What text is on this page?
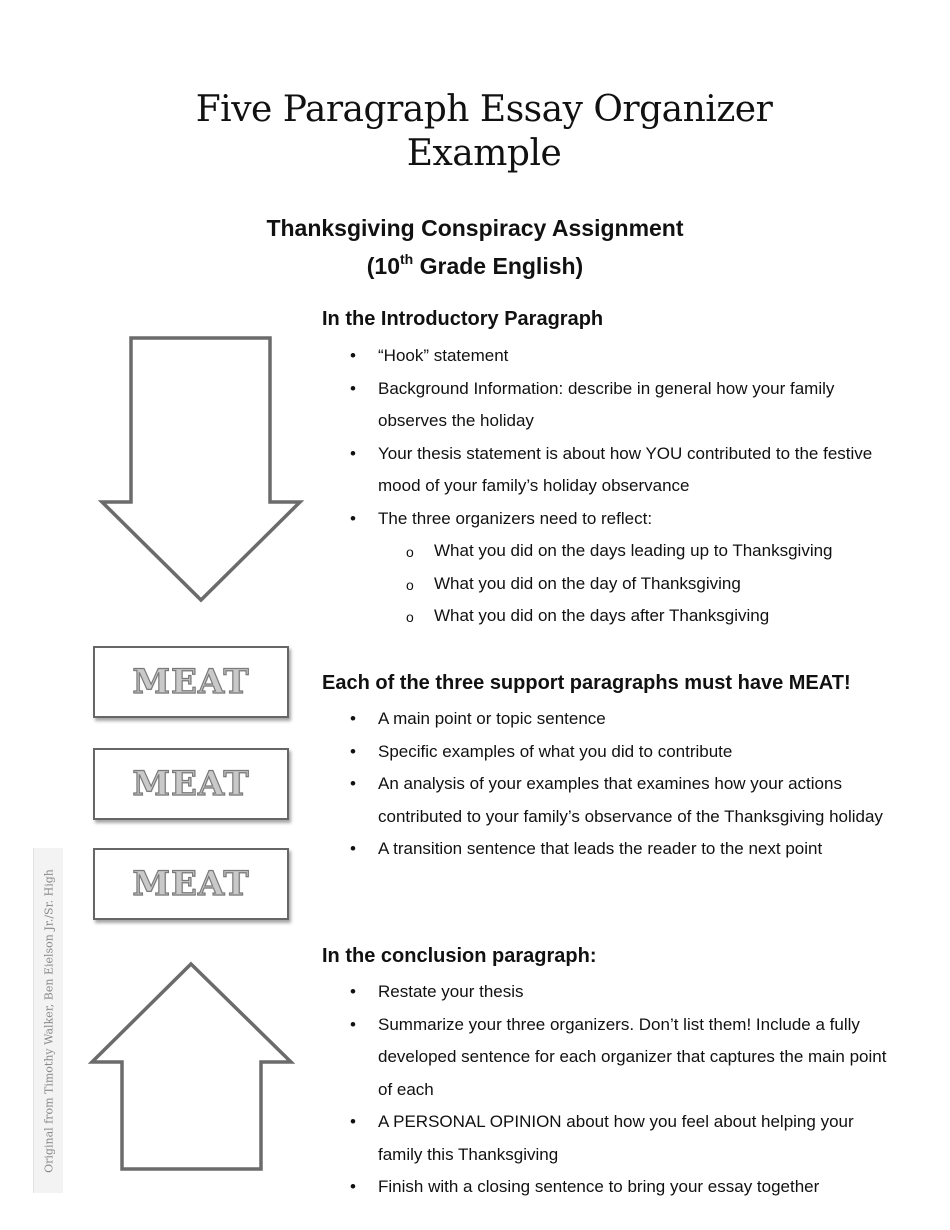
Five Paragraph Essay Organizer
Example
Thanksgiving Conspiracy Assignment
(10th Grade English)
In the Introductory Paragraph
• “Hook” statement
• Background Information: describe in general how your family observes the holiday
• Your thesis statement is about how YOU contributed to the festive mood of your family’s holiday observance
• The three organizers need to reflect:
o What you did on the days leading up to Thanksgiving
o What you did on the day of Thanksgiving
o What you did on the days after Thanksgiving
MEAT
MEAT
MEAT
Each of the three support paragraphs must have MEAT!
• A main point or topic sentence
• Specific examples of what you did to contribute
• An analysis of your examples that examines how your actions contributed to your family’s observance of the Thanksgiving holiday
• A transition sentence that leads the reader to the next point
Original from Timothy Walker, Ben Eielson Jr./Sr. High	In the conclusion paragraph:
• Restate your thesis
• Summarize your three organizers. Don’t list them! Include a fully developed sentence for each organizer that captures the main point of each
• A PERSONAL OPINION about how you feel about helping your family this Thanksgiving
• Finish with a closing sentence to bring your essay together
